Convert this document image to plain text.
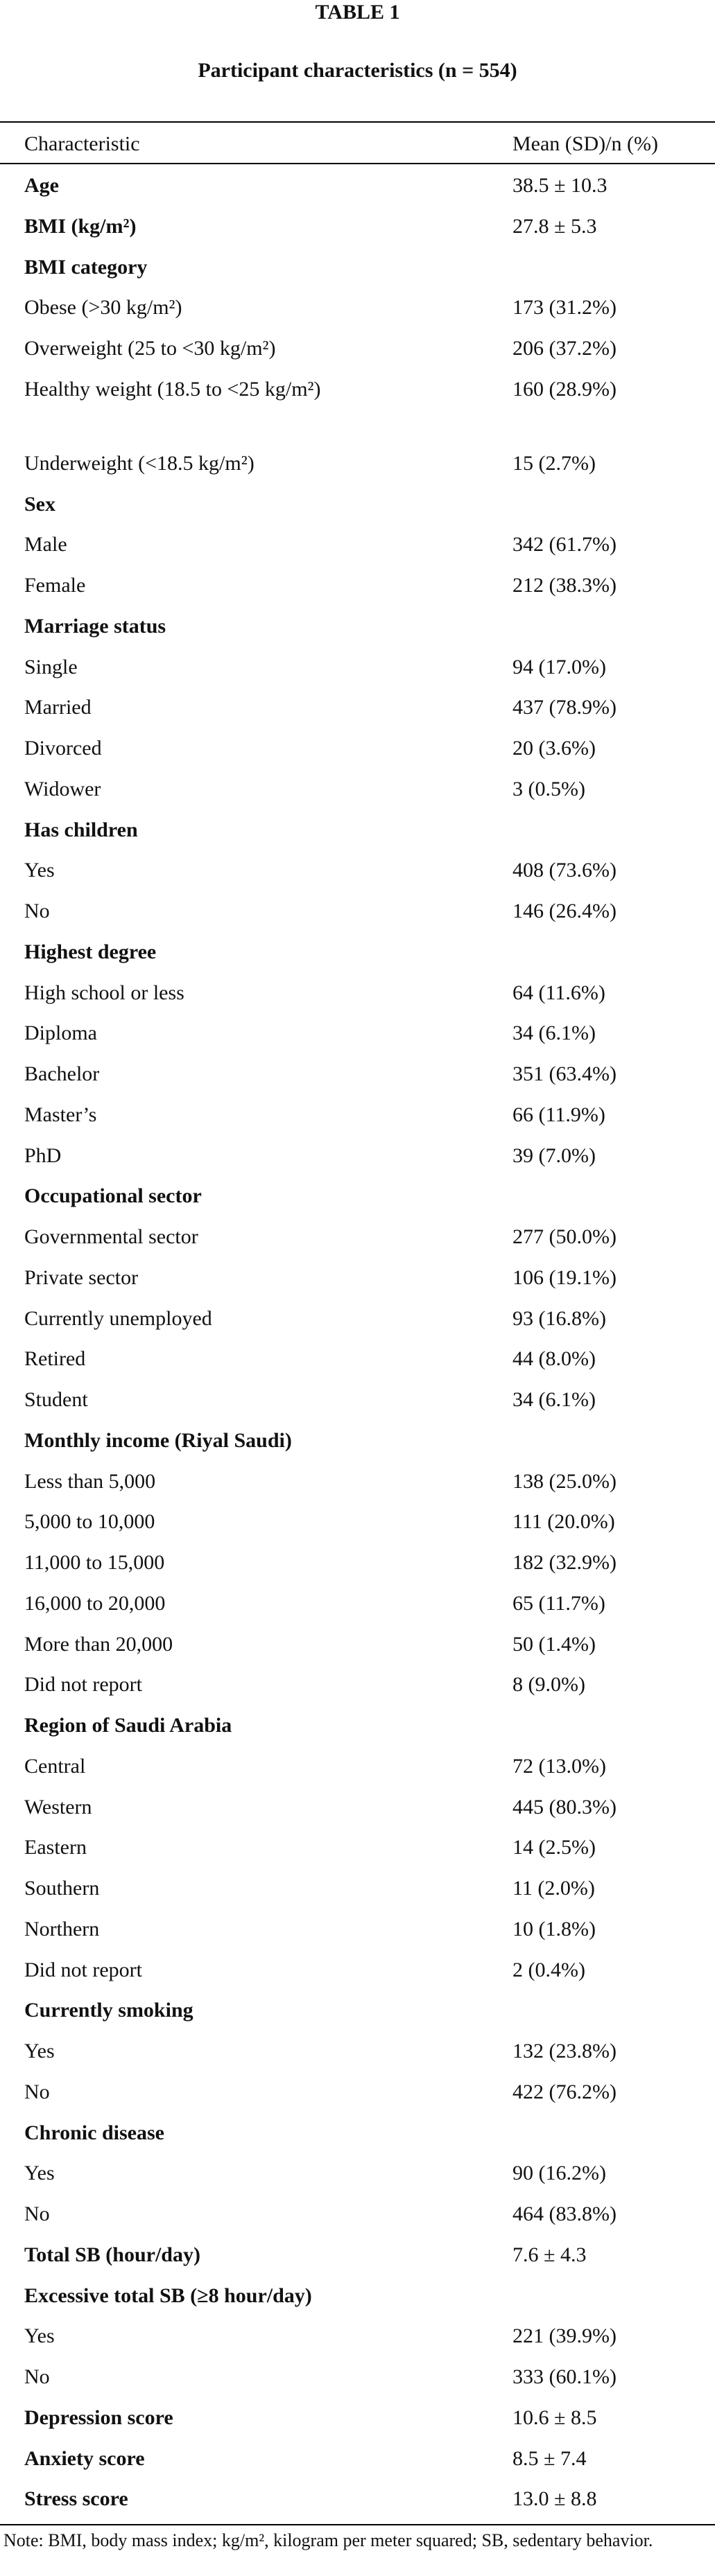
TABLE 1
Participant characteristics (n = 554)
Characteristic	Mean (SD)/n (%)
Age	38.5 ± 10.3
BMI (kg/m²)	27.8 ± 5.3
BMI category
Obese (>30 kg/m²)	173 (31.2%)
Overweight (25 to <30 kg/m²)	206 (37.2%)
Healthy weight (18.5 to <25 kg/m²)	160 (28.9%)
Underweight (<18.5 kg/m²)	15 (2.7%)
Sex
Male	342 (61.7%)
Female	212 (38.3%)
Marriage status
Single	94 (17.0%)
Married	437 (78.9%)
Divorced	20 (3.6%)
Widower	3 (0.5%)
Has children
Yes	408 (73.6%)
No	146 (26.4%)
Highest degree
High school or less	64 (11.6%)
Diploma	34 (6.1%)
Bachelor	351 (63.4%)
Master’s	66 (11.9%)
PhD	39 (7.0%)
Occupational sector
Governmental sector	277 (50.0%)
Private sector	106 (19.1%)
Currently unemployed	93 (16.8%)
Retired	44 (8.0%)
Student	34 (6.1%)
Monthly income (Riyal Saudi)
Less than 5,000	138 (25.0%)
5,000 to 10,000	111 (20.0%)
11,000 to 15,000	182 (32.9%)
16,000 to 20,000	65 (11.7%)
More than 20,000	50 (1.4%)
Did not report	8 (9.0%)
Region of Saudi Arabia
Central	72 (13.0%)
Western	445 (80.3%)
Eastern	14 (2.5%)
Southern	11 (2.0%)
Northern	10 (1.8%)
Did not report	2 (0.4%)
Currently smoking
Yes	132 (23.8%)
No	422 (76.2%)
Chronic disease
Yes	90 (16.2%)
No	464 (83.8%)
Total SB (hour/day)	7.6 ± 4.3
Excessive total SB (≥8 hour/day)
Yes	221 (39.9%)
No	333 (60.1%)
Depression score	10.6 ± 8.5
Anxiety score	8.5 ± 7.4
Stress score	13.0 ± 8.8
Note: BMI, body mass index; kg/m², kilogram per meter squared; SB, sedentary behavior.
